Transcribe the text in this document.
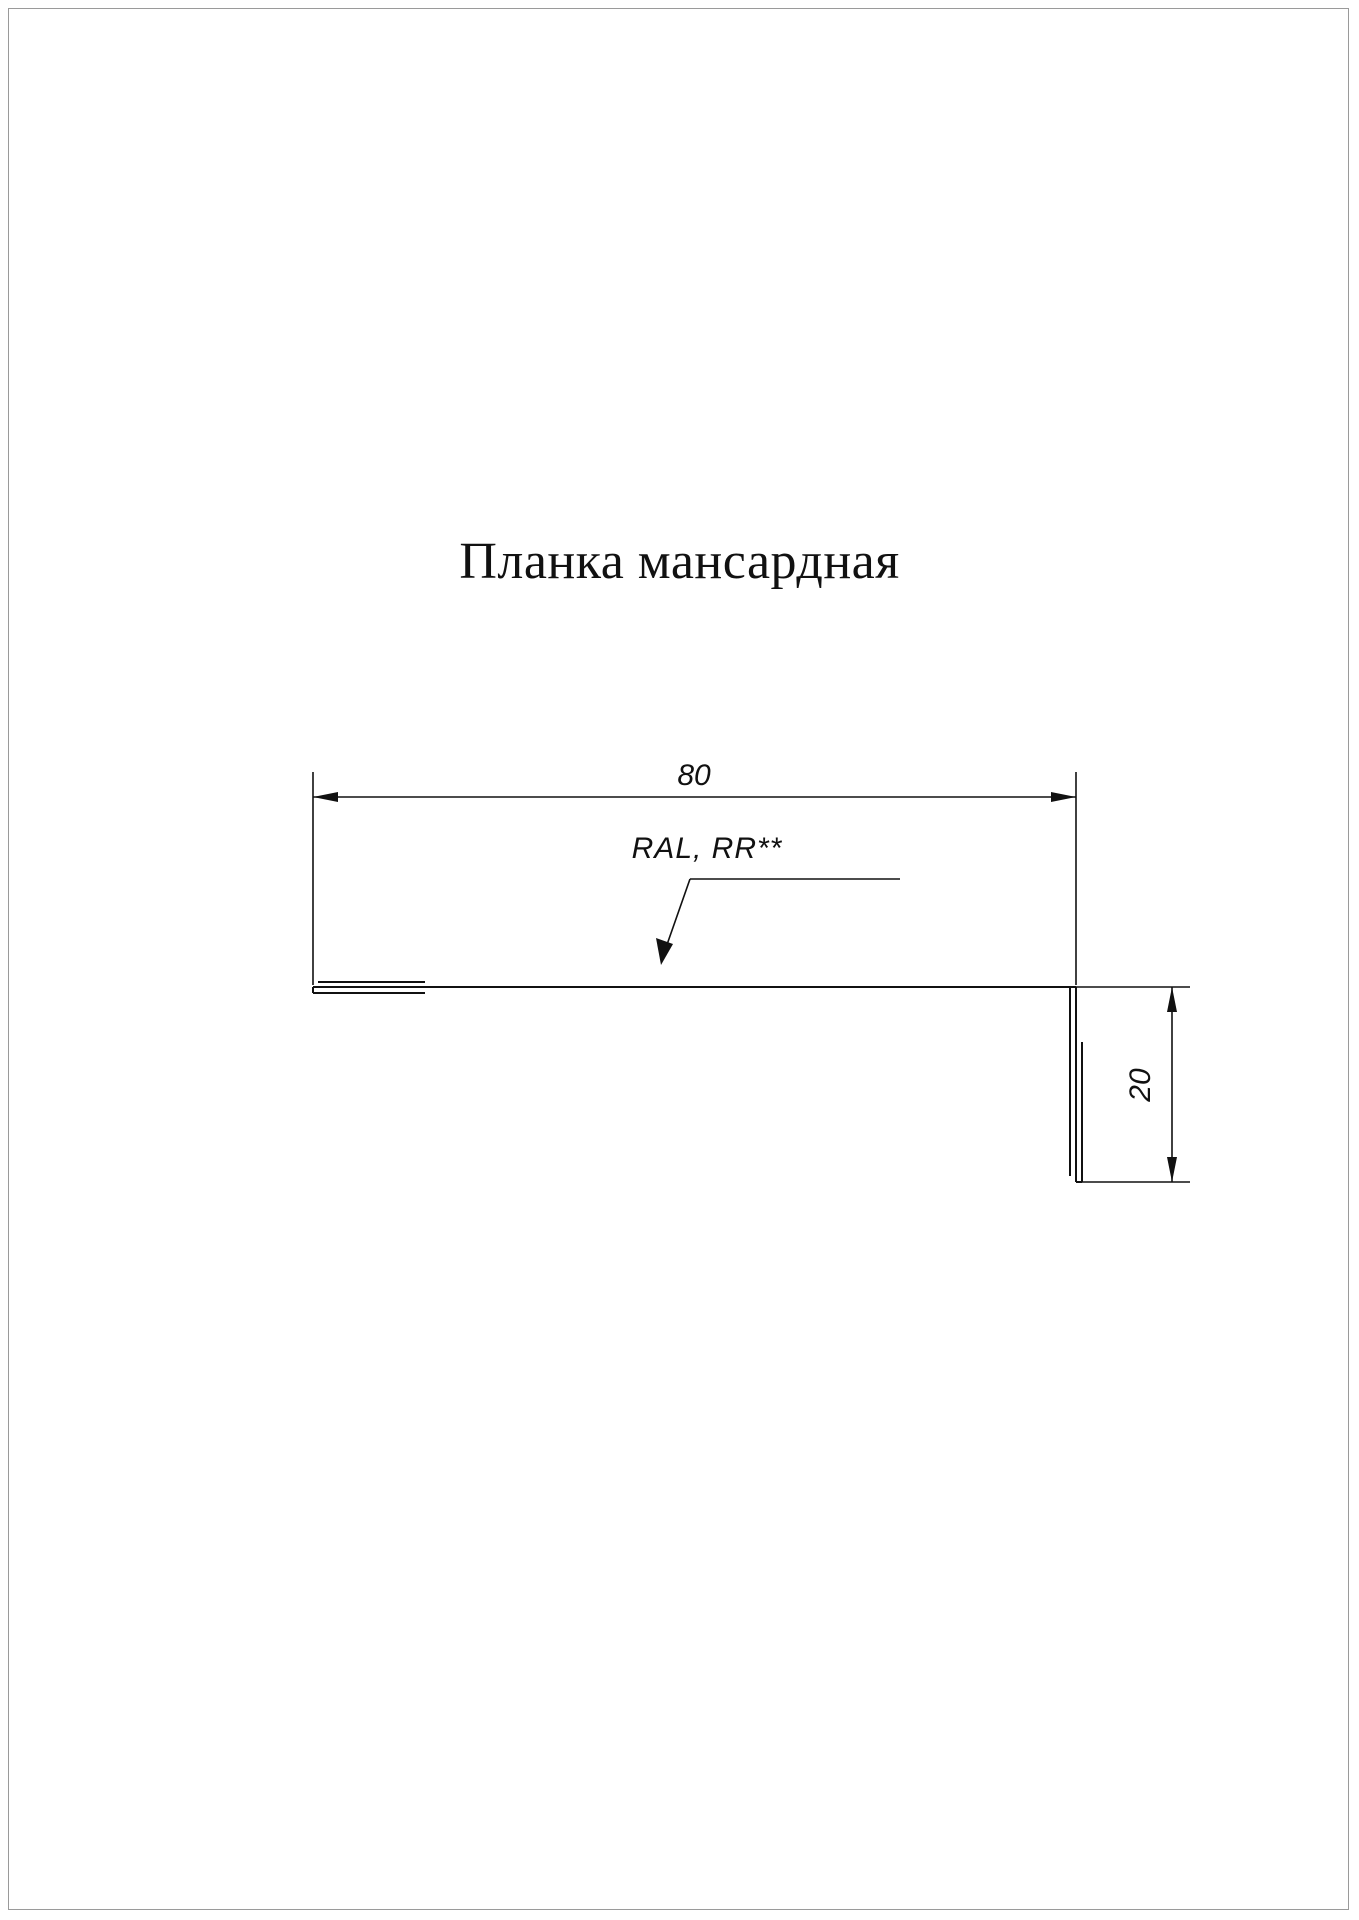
Планка мансардная
80
RAL, RR**
20
